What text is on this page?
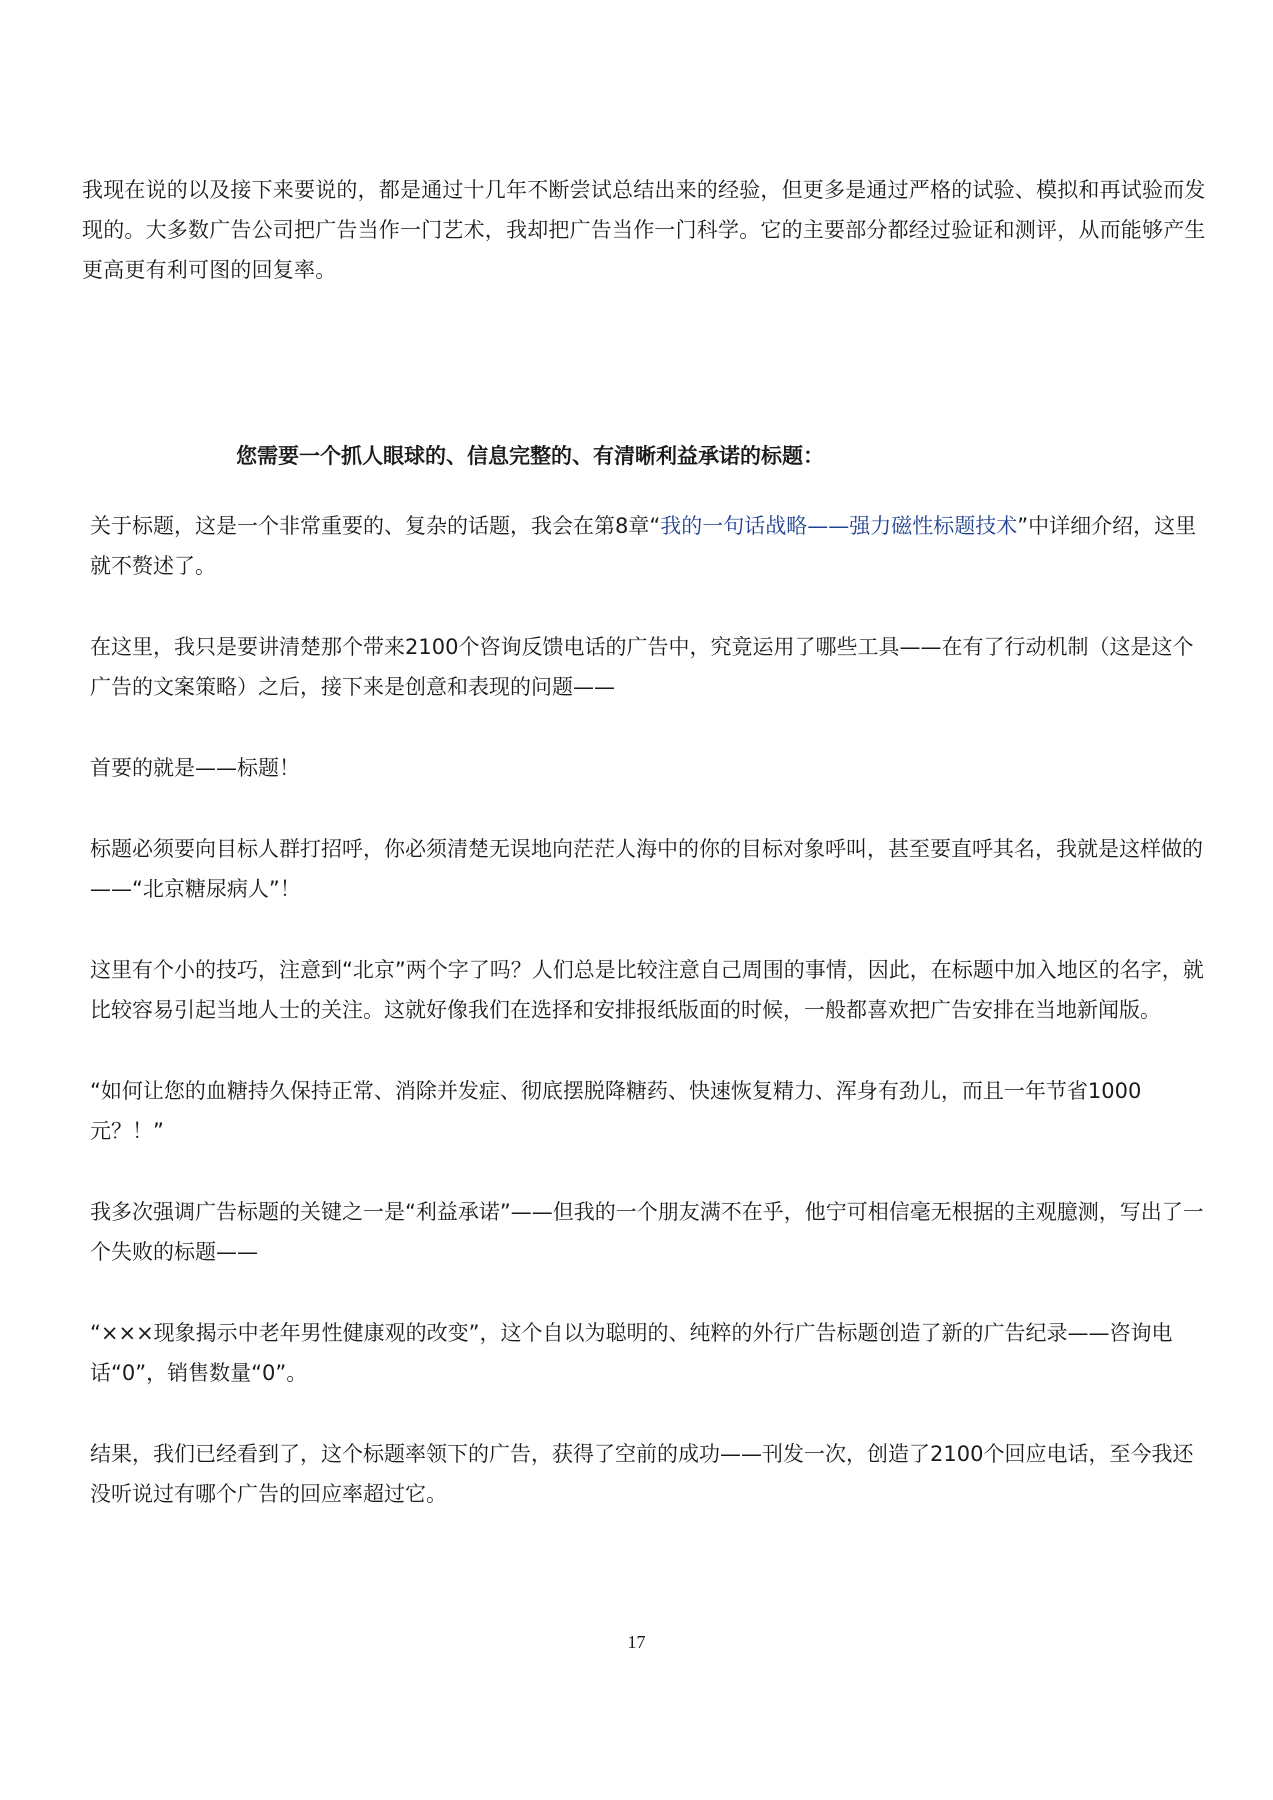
我现在说的以及接下来要说的，都是通过十几年不断尝试总结出来的经验，但更多是通过严格的试验、模拟和再试验而发现的。大多数广告公司把广告当作一门艺术，我却把广告当作一门科学。它的主要部分都经过验证和测评，从而能够产生更高更有利可图的回复率。

您需要一个抓人眼球的、信息完整的、有清晰利益承诺的标题：

关于标题，这是一个非常重要的、复杂的话题，我会在第8章“我的一句话战略——强力磁性标题技术”中详细介绍，这里就不赘述了。

在这里，我只是要讲清楚那个带来2100个咨询反馈电话的广告中，究竟运用了哪些工具——在有了行动机制（这是这个广告的文案策略）之后，接下来是创意和表现的问题——

首要的就是——标题！

标题必须要向目标人群打招呼，你必须清楚无误地向茫茫人海中的你的目标对象呼叫，甚至要直呼其名，我就是这样做的——“北京糖尿病人”！

这里有个小的技巧，注意到“北京”两个字了吗？人们总是比较注意自己周围的事情，因此，在标题中加入地区的名字，就比较容易引起当地人士的关注。这就好像我们在选择和安排报纸版面的时候，一般都喜欢把广告安排在当地新闻版。

“如何让您的血糖持久保持正常、消除并发症、彻底摆脱降糖药、快速恢复精力、浑身有劲儿，而且一年节省1000元？！”

我多次强调广告标题的关键之一是“利益承诺”——但我的一个朋友满不在乎，他宁可相信毫无根据的主观臆测，写出了一个失败的标题——

“×××现象揭示中老年男性健康观的改变”，这个自以为聪明的、纯粹的外行广告标题创造了新的广告纪录——咨询电话“0”，销售数量“0”。

结果，我们已经看到了，这个标题率领下的广告，获得了空前的成功——刊发一次，创造了2100个回应电话，至今我还没听说过有哪个广告的回应率超过它。

17
